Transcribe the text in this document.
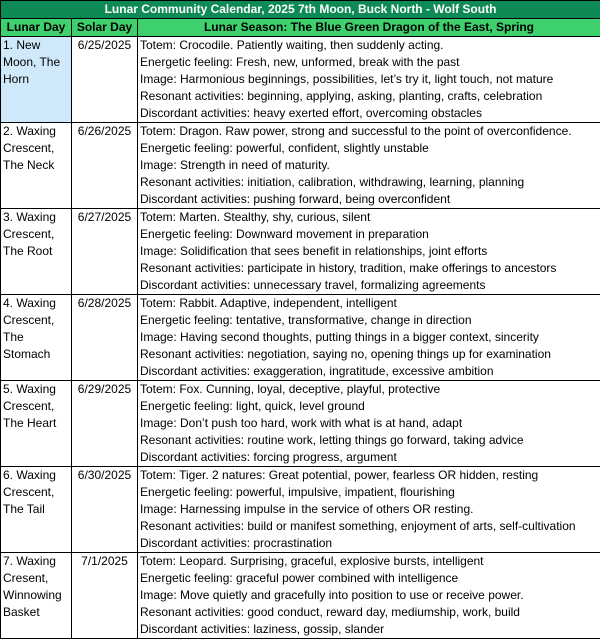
Lunar Community Calendar, 2025 7th Moon, Buck North - Wolf South		
Lunar Day	Solar Day	Lunar Season: The Blue Green Dragon of the East, Spring
1. New Moon, The Horn	6/25/2025	Totem: Crocodile. Patiently waiting, then suddenly acting.
Energetic feeling: Fresh, new, unformed, break with the past
Image: Harmonious beginnings, possibilities, let’s try it, light touch, not mature
Resonant activities: beginning, applying, asking, planting, crafts, celebration
Discordant activities: heavy exerted effort, overcoming obstacles

2. Waxing Crescent, The Neck	6/26/2025	Totem: Dragon. Raw power, strong and successful to the point of overconfidence.
Energetic feeling: powerful, confident, slightly unstable
Image: Strength in need of maturity.
Resonant activities: initiation, calibration, withdrawing, learning, planning
Discordant activities: pushing forward, being overconfident

3. Waxing Crescent, The Root	6/27/2025	Totem: Marten. Stealthy, shy, curious, silent
Energetic feeling: Downward movement in preparation
Image: Solidification that sees benefit in relationships, joint efforts
Resonant activities: participate in history, tradition, make offerings to ancestors
Discordant activities: unnecessary travel, formalizing agreements

4. Waxing Crescent, The Stomach	6/28/2025	Totem: Rabbit. Adaptive, independent, intelligent
Energetic feeling: tentative, transformative, change in direction
Image: Having second thoughts, putting things in a bigger context, sincerity
Resonant activities: negotiation, saying no, opening things up for examination
Discordant activities: exaggeration, ingratitude, excessive ambition

5. Waxing Crescent, The Heart	6/29/2025	Totem: Fox. Cunning, loyal, deceptive, playful, protective
Energetic feeling: light, quick, level ground
Image: Don’t push too hard, work with what is at hand, adapt
Resonant activities: routine work, letting things go forward, taking advice
Discordant activities: forcing progress, argument

6. Waxing Crescent, The Tail	6/30/2025	Totem: Tiger. 2 natures: Great potential, power, fearless OR hidden, resting
Energetic feeling: powerful, impulsive, impatient, flourishing
Image: Harnessing impulse in the service of others OR resting.
Resonant activities: build or manifest something, enjoyment of arts, self-cultivation
Discordant activities: procrastination

7. Waxing Cresent, Winnowing Basket	7/1/2025	Totem: Leopard. Surprising, graceful, explosive bursts, intelligent
Energetic feeling: graceful power combined with intelligence
Image: Move quietly and gracefully into position to use or receive power.
Resonant activities: good conduct, reward day, mediumship, work, build
Discordant activities: laziness, gossip, slander
